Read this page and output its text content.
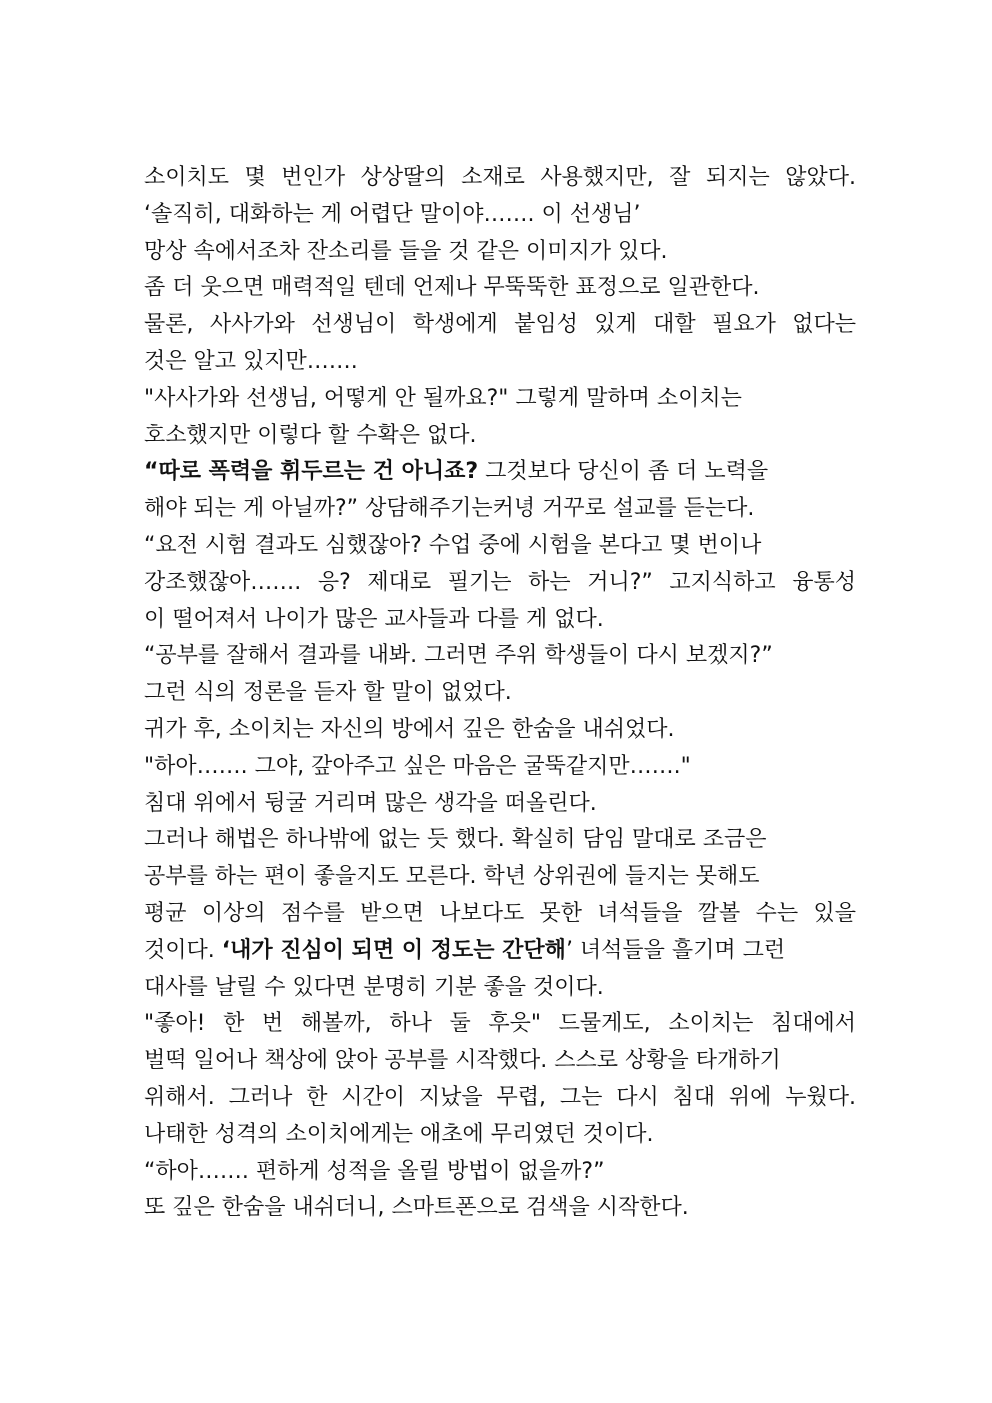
소이치도 몇 번인가 상상딸의 소재로 사용했지만, 잘 되지는 않았다.
‘솔직히, 대화하는 게 어렵단 말이야……. 이 선생님’
망상 속에서조차 잔소리를 들을 것 같은 이미지가 있다.
좀 더 웃으면 매력적일 텐데 언제나 무뚝뚝한 표정으로 일관한다.
물론, 사사가와 선생님이 학생에게 붙임성 있게 대할 필요가 없다는
것은 알고 있지만…….
"사사가와 선생님, 어떻게 안 될까요?" 그렇게 말하며 소이치는
호소했지만 이렇다 할 수확은 없다.
“따로 폭력을 휘두르는 건 아니죠? 그것보다 당신이 좀 더 노력을
해야 되는 게 아닐까?” 상담해주기는커녕 거꾸로 설교를 듣는다.
“요전 시험 결과도 심했잖아? 수업 중에 시험을 본다고 몇 번이나
강조했잖아……. 응? 제대로 필기는 하는 거니?” 고지식하고 융통성
이 떨어져서 나이가 많은 교사들과 다를 게 없다.
“공부를 잘해서 결과를 내봐. 그러면 주위 학생들이 다시 보겠지?”
그런 식의 정론을 듣자 할 말이 없었다.
귀가 후, 소이치는 자신의 방에서 깊은 한숨을 내쉬었다.
"하아……. 그야, 갚아주고 싶은 마음은 굴뚝같지만……."
침대 위에서 뒹굴 거리며 많은 생각을 떠올린다.
그러나 해법은 하나밖에 없는 듯 했다. 확실히 담임 말대로 조금은
공부를 하는 편이 좋을지도 모른다. 학년 상위권에 들지는 못해도
평균 이상의 점수를 받으면 나보다도 못한 녀석들을 깔볼 수는 있을
것이다. ‘내가 진심이 되면 이 정도는 간단해’ 녀석들을 흘기며 그런
대사를 날릴 수 있다면 분명히 기분 좋을 것이다.
"좋아! 한 번 해볼까, 하나 둘 후읏" 드물게도, 소이치는 침대에서
벌떡 일어나 책상에 앉아 공부를 시작했다. 스스로 상황을 타개하기
위해서. 그러나 한 시간이 지났을 무렵, 그는 다시 침대 위에 누웠다.
나태한 성격의 소이치에게는 애초에 무리였던 것이다.
“하아……. 편하게 성적을 올릴 방법이 없을까?”
또 깊은 한숨을 내쉬더니, 스마트폰으로 검색을 시작한다.
